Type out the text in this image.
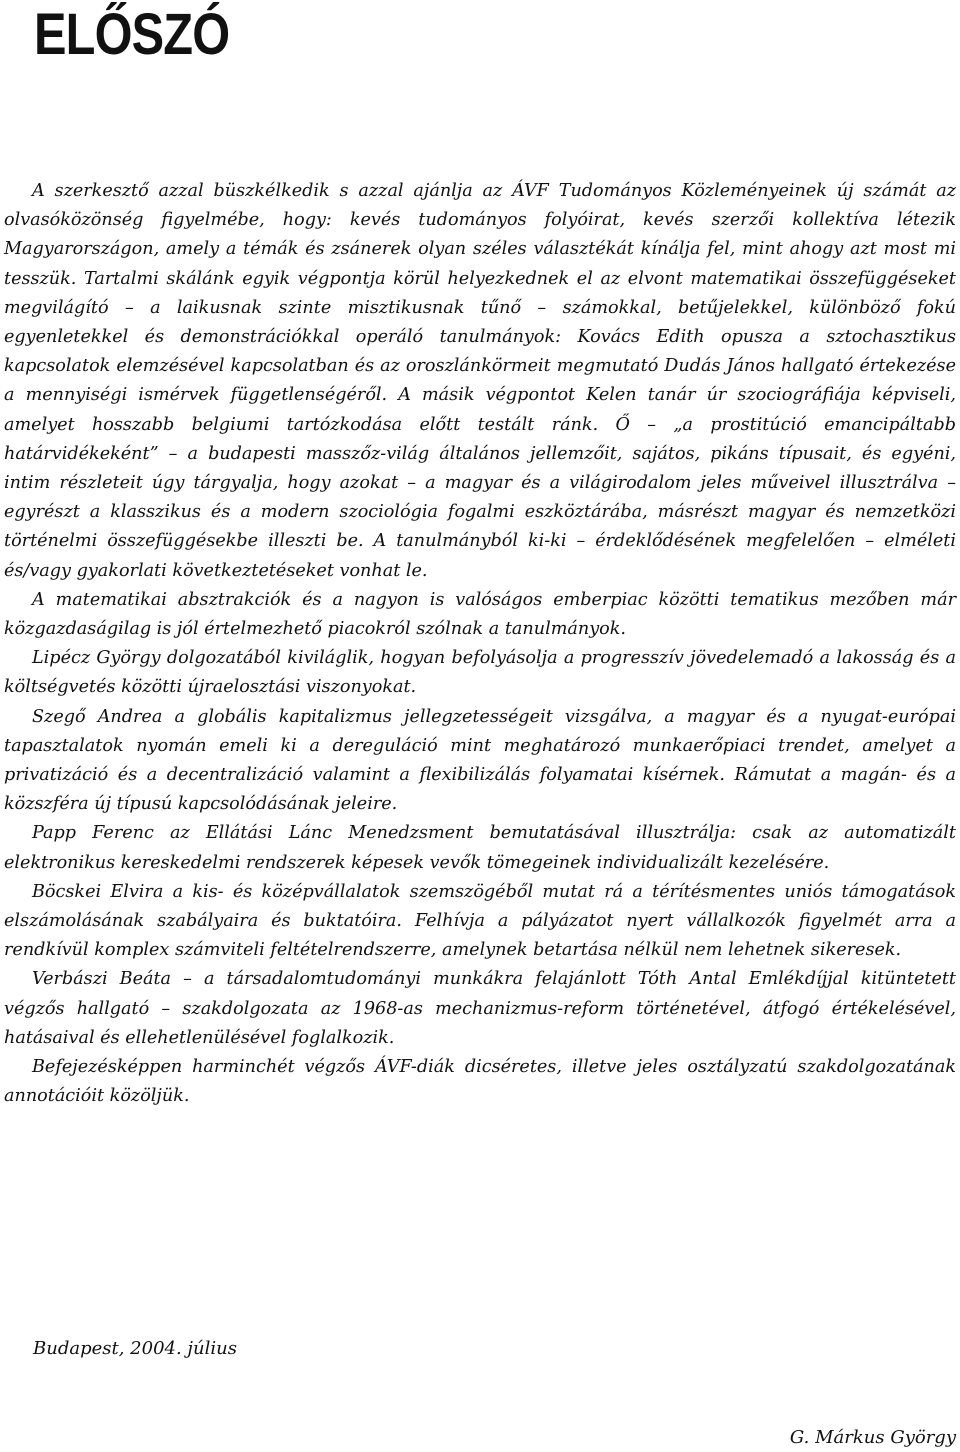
ELŐSZÓ

A szerkesztő azzal büszkélkedik s azzal ajánlja az ÁVF Tudományos Közleményeinek új számát az olvasóközönség figyelmébe, hogy: kevés tudományos folyóirat, kevés szerzői kollektíva létezik Magyarországon, amely a témák és zsánerek olyan széles választékát kínálja fel, mint ahogy azt most mi tesszük. Tartalmi skálánk egyik végpontja körül helyezkednek el az elvont matematikai összefüggéseket megvilágító – a laikusnak szinte misztikusnak tűnő – számokkal, betűjelekkel, különböző fokú egyenletekkel és demonstrációkkal operáló tanulmányok: Kovács Edith opusza a sztochasztikus kapcsolatok elemzésével kapcsolatban és az oroszlánkörmeit megmutató Dudás János hallgató értekezése a mennyiségi ismérvek függetlenségéről. A másik végpontot Kelen tanár úr szociográfiája képviseli, amelyet hosszabb belgiumi tartózkodása előtt testált ránk. Ő – „a prostitúció emancipáltabb határvidékeként” – a budapesti masszőz-világ általános jellemzőit, sajátos, pikáns típusait, és egyéni, intim részleteit úgy tárgyalja, hogy azokat – a magyar és a világirodalom jeles műveivel illusztrálva – egyrészt a klasszikus és a modern szociológia fogalmi eszköztárába, másrészt magyar és nemzetközi történelmi összefüggésekbe illeszti be. A tanulmányból ki-ki – érdeklődésének megfelelően – elméleti és/vagy gyakorlati következtetéseket vonhat le.

A matematikai absztrakciók és a nagyon is valóságos emberpiac közötti tematikus mezőben már közgazdaságilag is jól értelmezhető piacokról szólnak a tanulmányok.

Lipécz György dolgozatából kiviláglik, hogyan befolyásolja a progresszív jövedelemadó a lakosság és a költségvetés közötti újraelosztási viszonyokat.

Szegő Andrea a globális kapitalizmus jellegzetességeit vizsgálva, a magyar és a nyugat-európai tapasztalatok nyomán emeli ki a dereguláció mint meghatározó munkaerőpiaci trendet, amelyet a privatizáció és a decentralizáció valamint a flexibilizálás folyamatai kísérnek. Rámutat a magán- és a közszféra új típusú kapcsolódásának jeleire.

Papp Ferenc az Ellátási Lánc Menedzsment bemutatásával illusztrálja: csak az automatizált elektronikus kereskedelmi rendszerek képesek vevők tömegeinek individualizált kezelésére.

Böcskei Elvira a kis- és középvállalatok szemszögéből mutat rá a térítésmentes uniós támogatások elszámolásának szabályaira és buktatóira. Felhívja a pályázatot nyert vállalkozók figyelmét arra a rendkívül komplex számviteli feltételrendszerre, amelynek betartása nélkül nem lehetnek sikeresek.

Verbászi Beáta – a társadalomtudományi munkákra felajánlott Tóth Antal Emlékdíjjal kitüntetett végzős hallgató – szakdolgozata az 1968-as mechanizmus-reform történetével, átfogó értékelésével, hatásaival és ellehetlenülésével foglalkozik.

Befejezésképpen harminchét végzős ÁVF-diák dicséretes, illetve jeles osztályzatú szakdolgozatának annotációit közöljük.

Budapest, 2004. július

G. Márkus György
